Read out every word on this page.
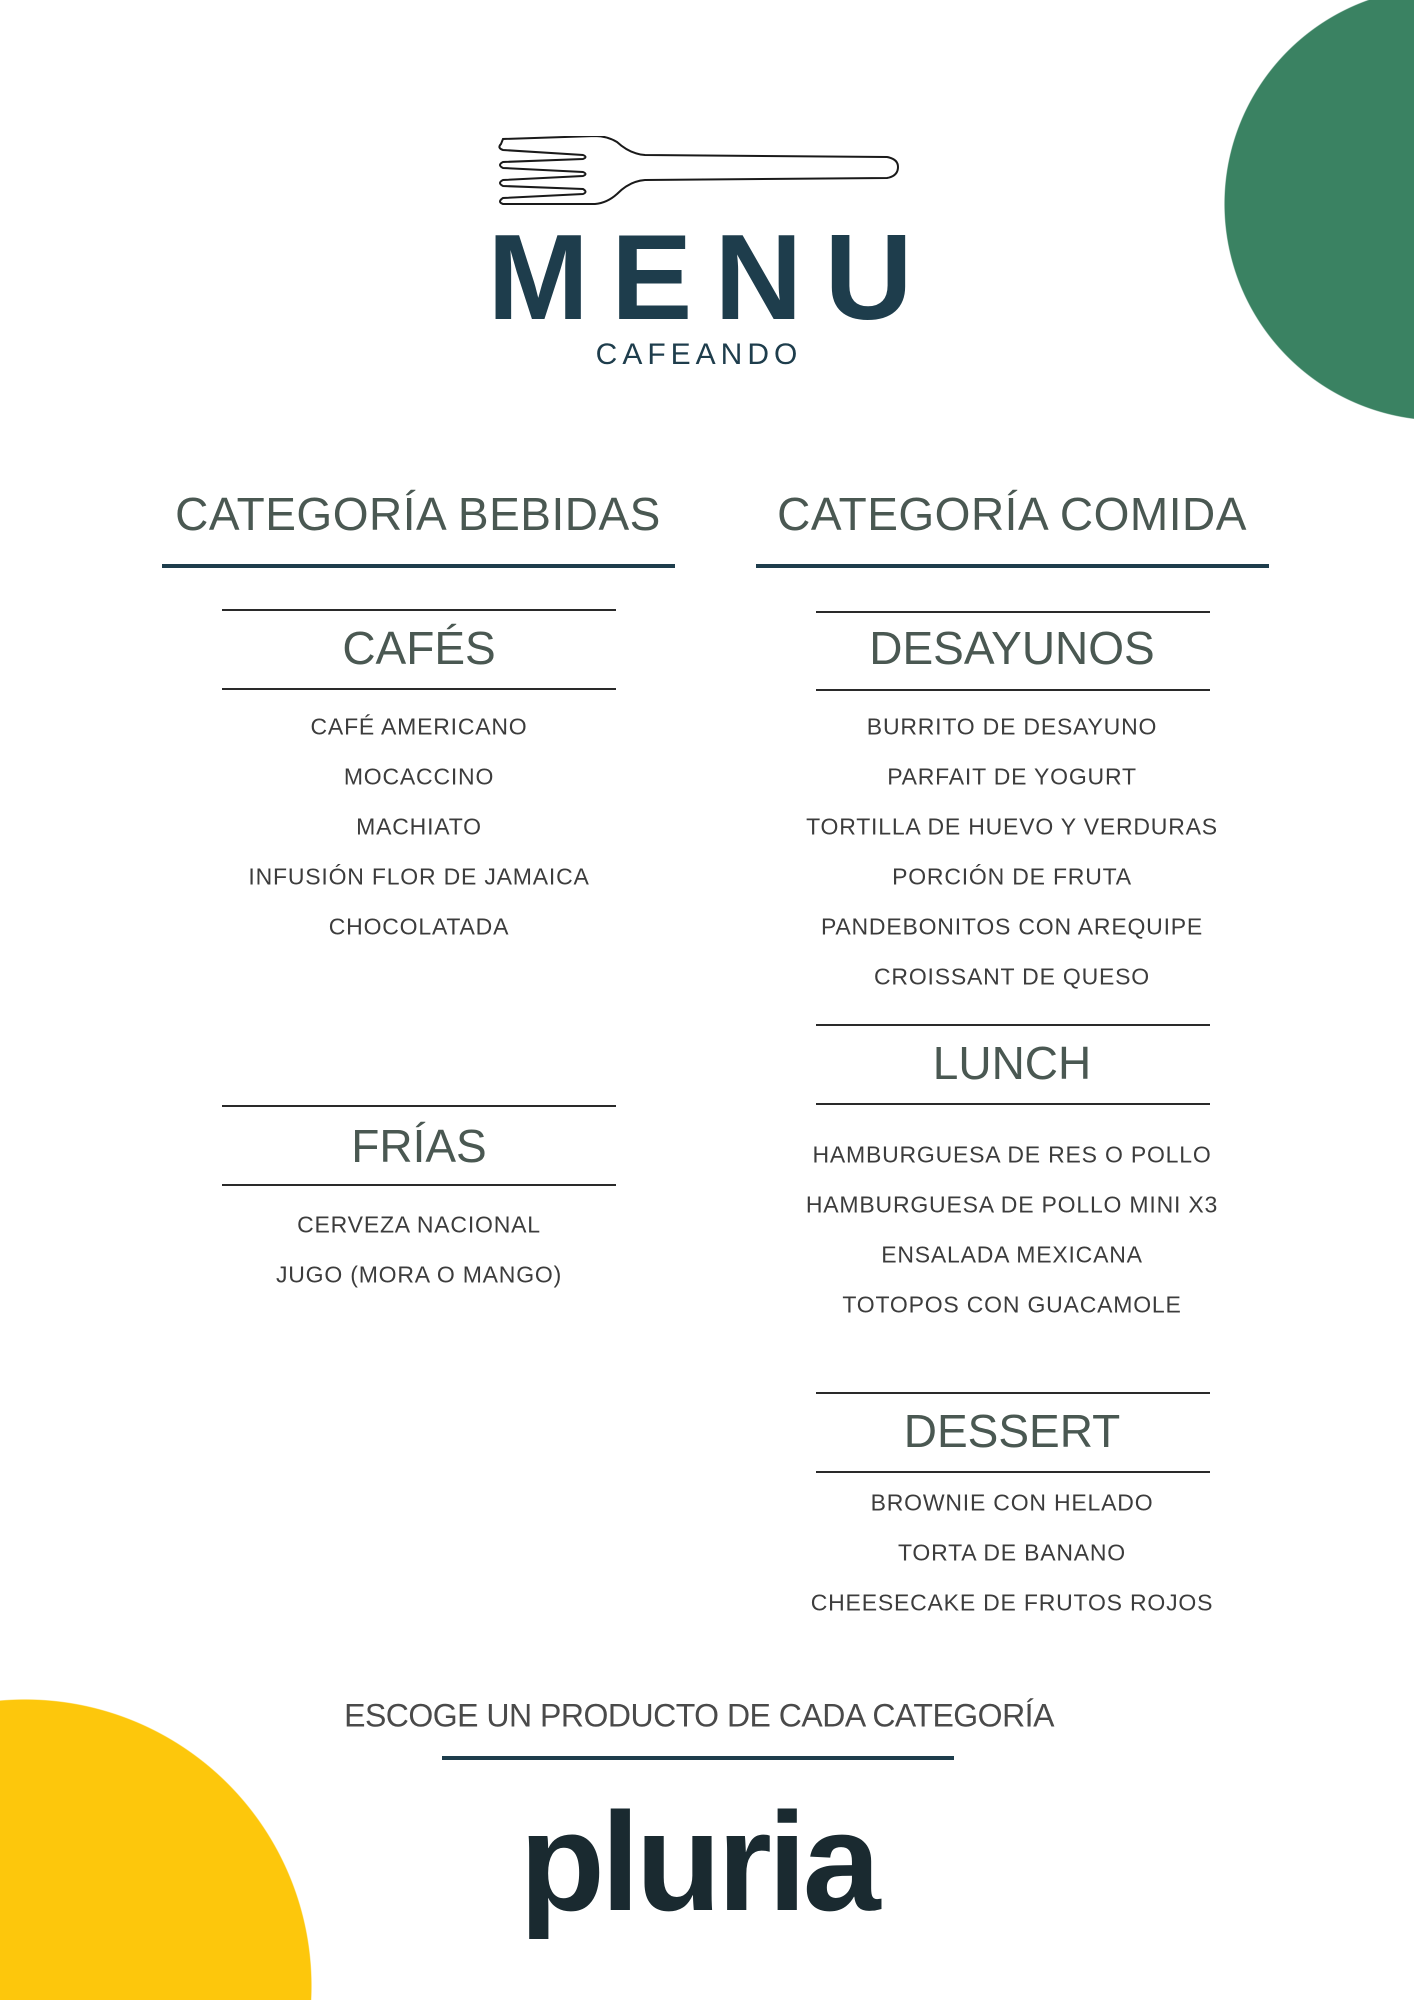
MENU
CAFEANDO
CATEGORÍA BEBIDAS
CAFÉS
CAFÉ AMERICANO
MOCACCINO
MACHIATO
INFUSIÓN FLOR DE JAMAICA
CHOCOLATADA
FRÍAS
CERVEZA NACIONAL
JUGO (MORA O MANGO)
CATEGORÍA COMIDA
DESAYUNOS
BURRITO DE DESAYUNO
PARFAIT DE YOGURT
TORTILLA DE HUEVO Y VERDURAS
PORCIÓN DE FRUTA
PANDEBONITOS CON AREQUIPE
CROISSANT DE QUESO
LUNCH
HAMBURGUESA DE RES O POLLO
HAMBURGUESA DE POLLO MINI X3
ENSALADA MEXICANA
TOTOPOS CON GUACAMOLE
DESSERT
BROWNIE CON HELADO
TORTA DE BANANO
CHEESECAKE DE FRUTOS ROJOS
ESCOGE UN PRODUCTO DE CADA CATEGORÍA
pluria
